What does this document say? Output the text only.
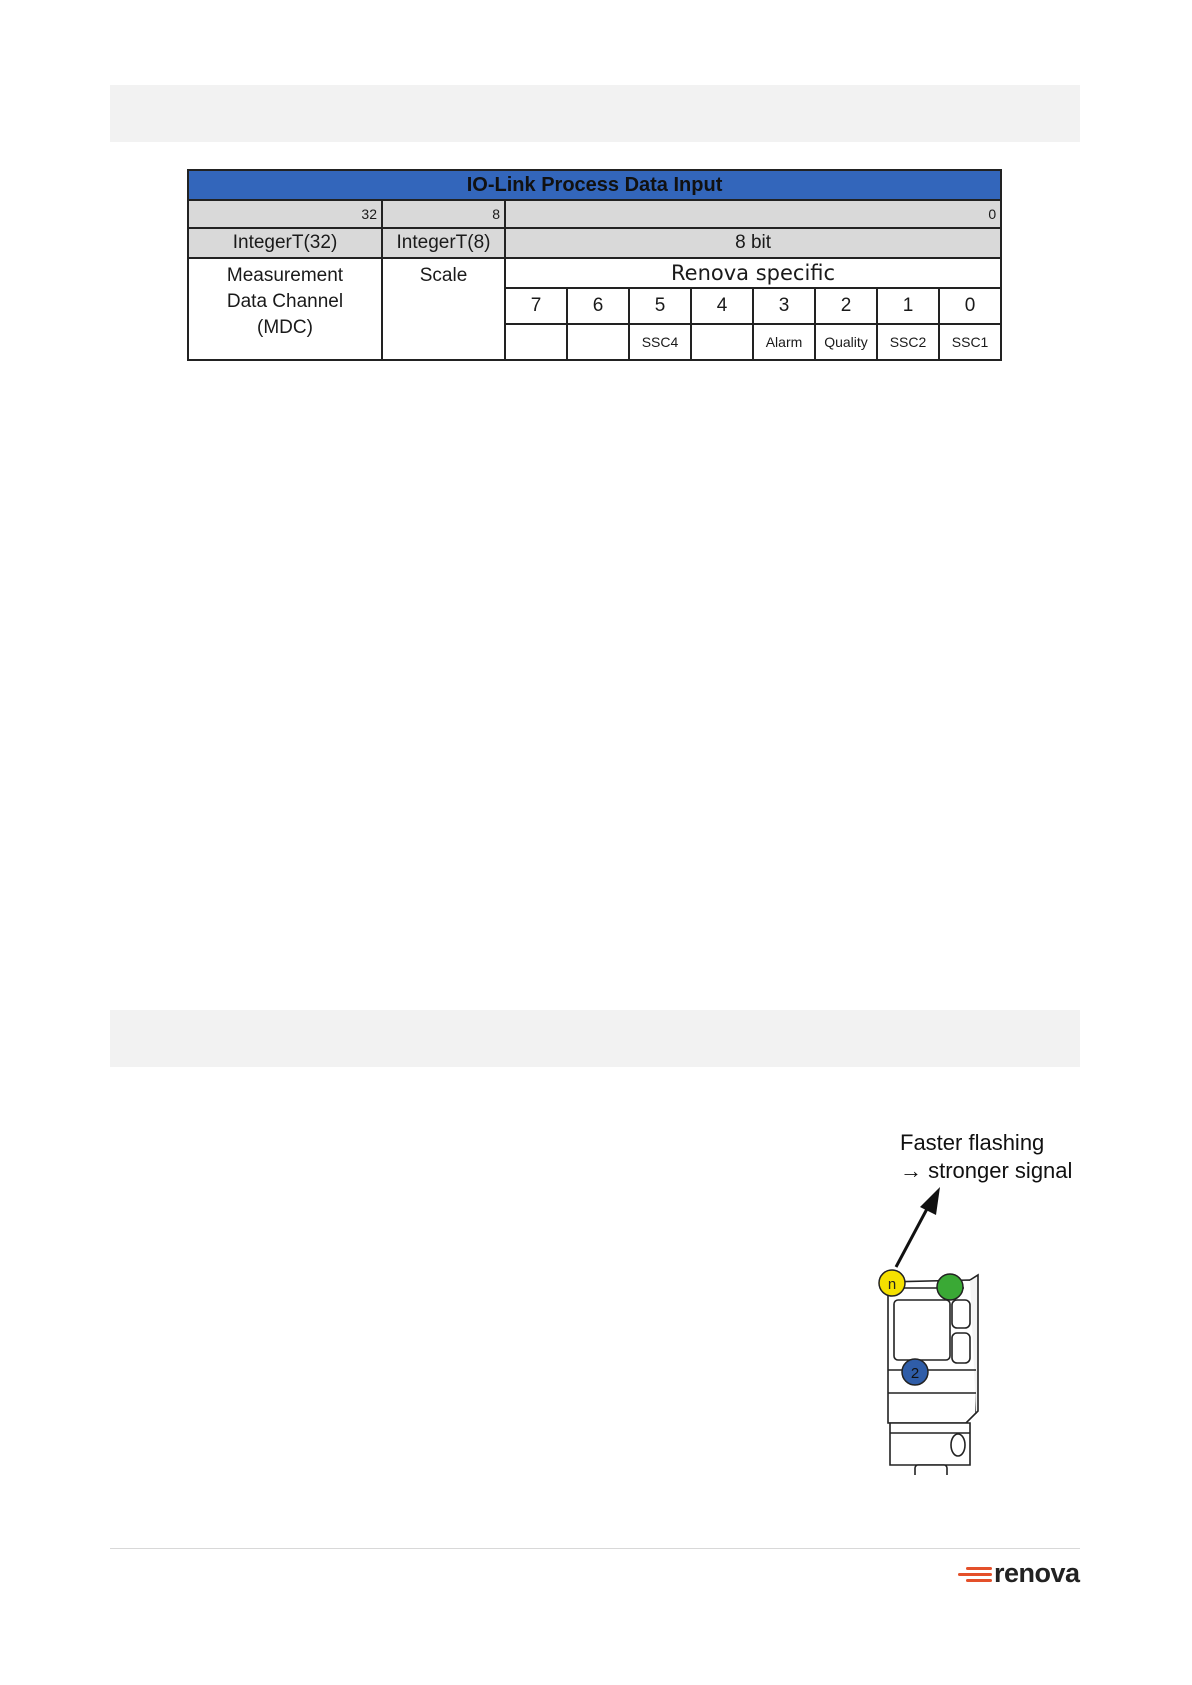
IO-Link Process Data Input									
32	8	0							
IntegerT(32)	IntegerT(8)	8 bit							

Measurement
Data Channel
(MDC)	Scale	Renova specific							
		7	6	5	4	3	2	1	0
				SSC4		Alarm	Quality	SSC2	SSC1
Faster flashing
→ stronger signal
n
2
renova
